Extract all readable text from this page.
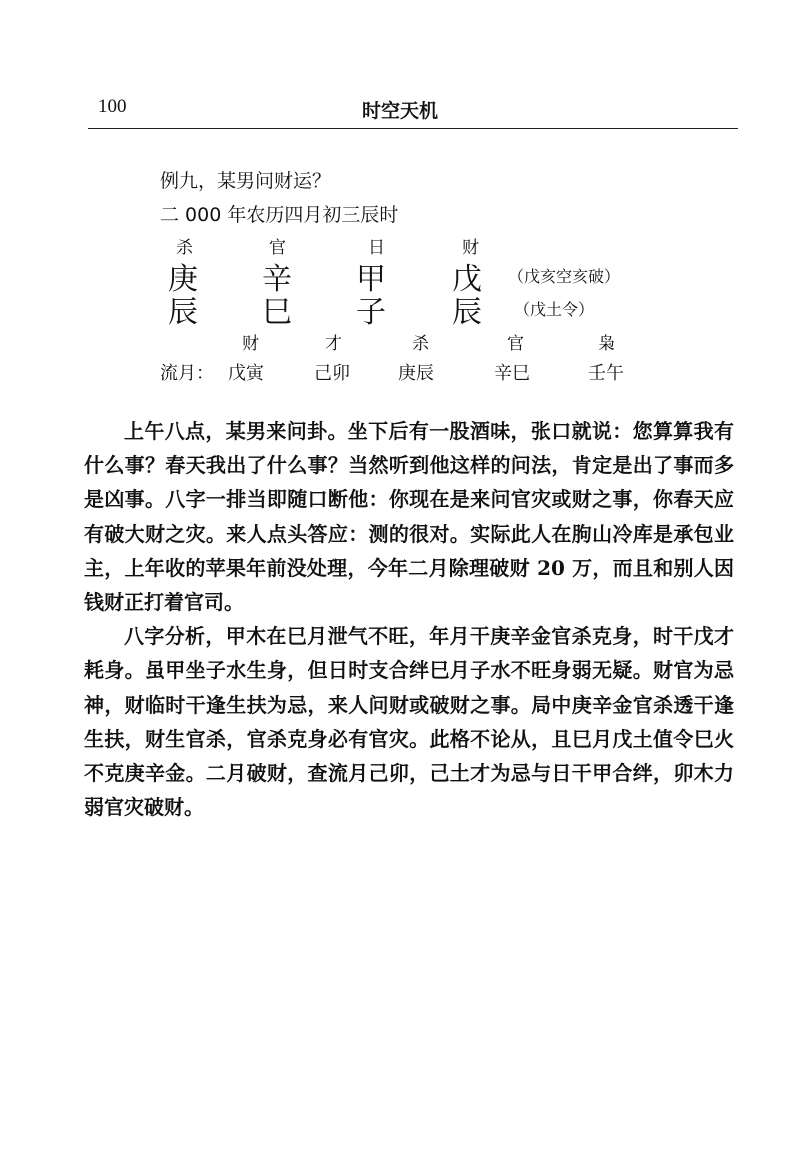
100	时空天机
例九，某男问财运？
二 000 年农历四月初三辰时
杀	官	日	财
庚 辛 甲 戊 （戊亥空亥破）
辰 巳 子 辰 （戊土令）
财	才	杀	官	枭
流月： 戊寅	己卯	庚辰	辛巳	壬午

上午八点，某男来问卦。坐下后有一股酒味，张口就说：您算算我有什么事？春天我出了什么事？当然听到他这样的问法，肯定是出了事而多是凶事。八字一排当即随口断他：你现在是来问官灾或财之事，你春天应有破大财之灾。来人点头答应：测的很对。实际此人在朐山冷库是承包业主，上年收的苹果年前没处理，今年二月除理破财 20 万，而且和别人因钱财正打着官司。

八字分析，甲木在巳月泄气不旺，年月干庚辛金官杀克身，时干戊才耗身。虽甲坐子水生身，但日时支合绊巳月子水不旺身弱无疑。财官为忌神，财临时干逢生扶为忌，来人问财或破财之事。局中庚辛金官杀透干逢生扶，财生官杀，官杀克身必有官灾。此格不论从，且巳月戊土值令巳火不克庚辛金。二月破财，查流月己卯，己土才为忌与日干甲合绊，卯木力弱官灾破财。
